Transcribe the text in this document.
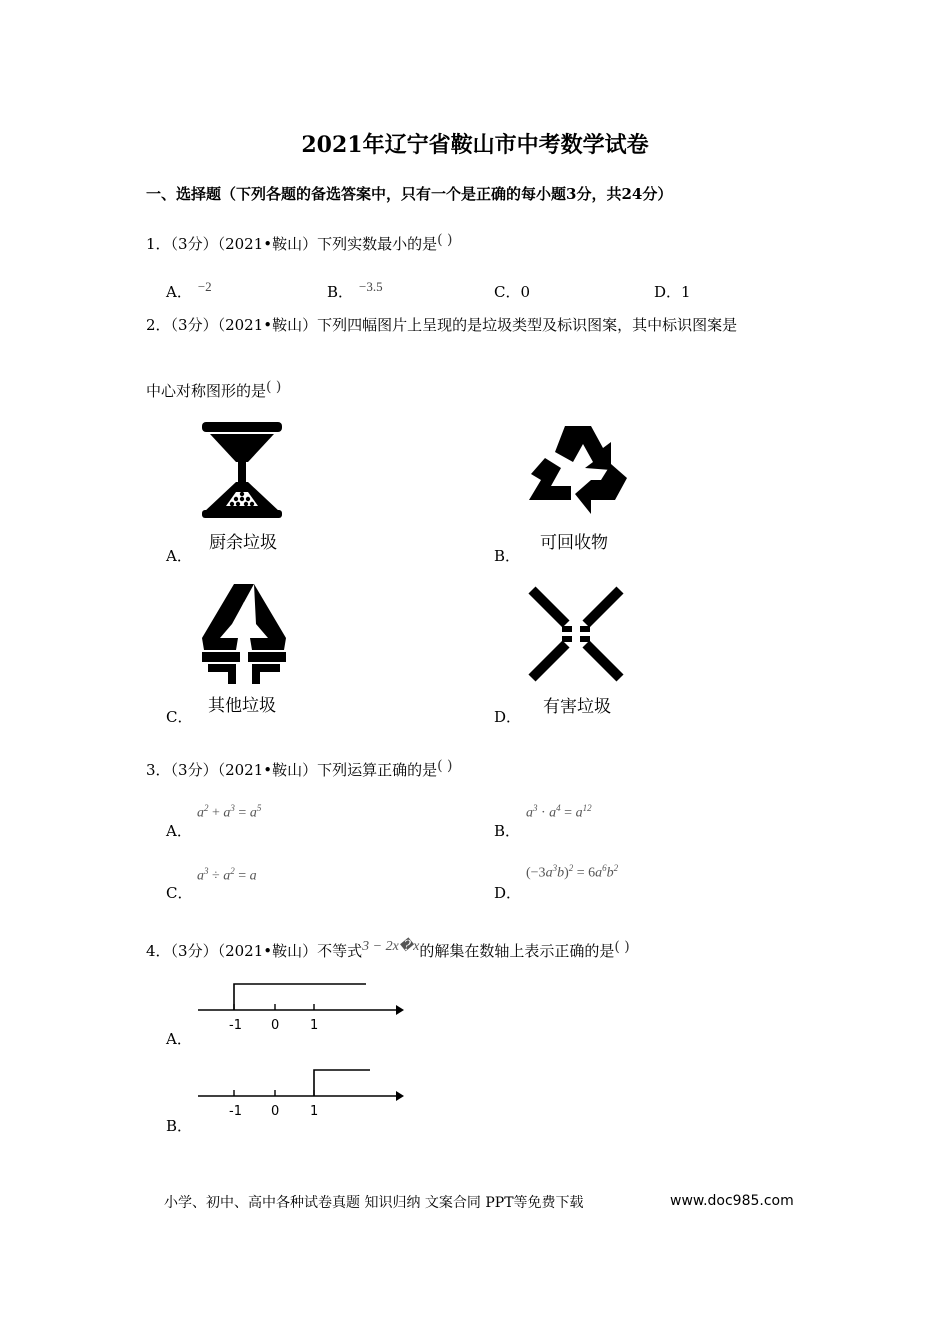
2021年辽宁省鞍山市中考数学试卷
一、选择题（下列各题的备选答案中，只有一个是正确的每小题3分，共24分）
1．（3分）（2021•鞍山）下列实数最小的是( )
A． −2	B． −3.5	C．0	D．1
2．（3分）（2021•鞍山）下列四幅图片上呈现的是垃圾类型及标识图案，其中标识图案是
中心对称图形的是( )
A．
厨余垃圾
B．
可回收物
C．
其他垃圾
D． 有害垃圾
3．（3分）（2021•鞍山）下列运算正确的是( )
A．
$a^2 + a^3 = a^5$
B．
$a^3 \cdot a^4 = a^{12}$
C．
$a^3 \div a^2 = a$
D．
$(-3a^3b)^2 = 6a^6b^2$
4．（3分）（2021•鞍山）不等式3 − 2x�x的解集在数轴上表示正确的是( )
-1 0 1
A．
-1 0 1
B．
小学、初中、高中各种试卷真题 知识归纳 文案合同 PPT等免费下载	www.doc985.com
